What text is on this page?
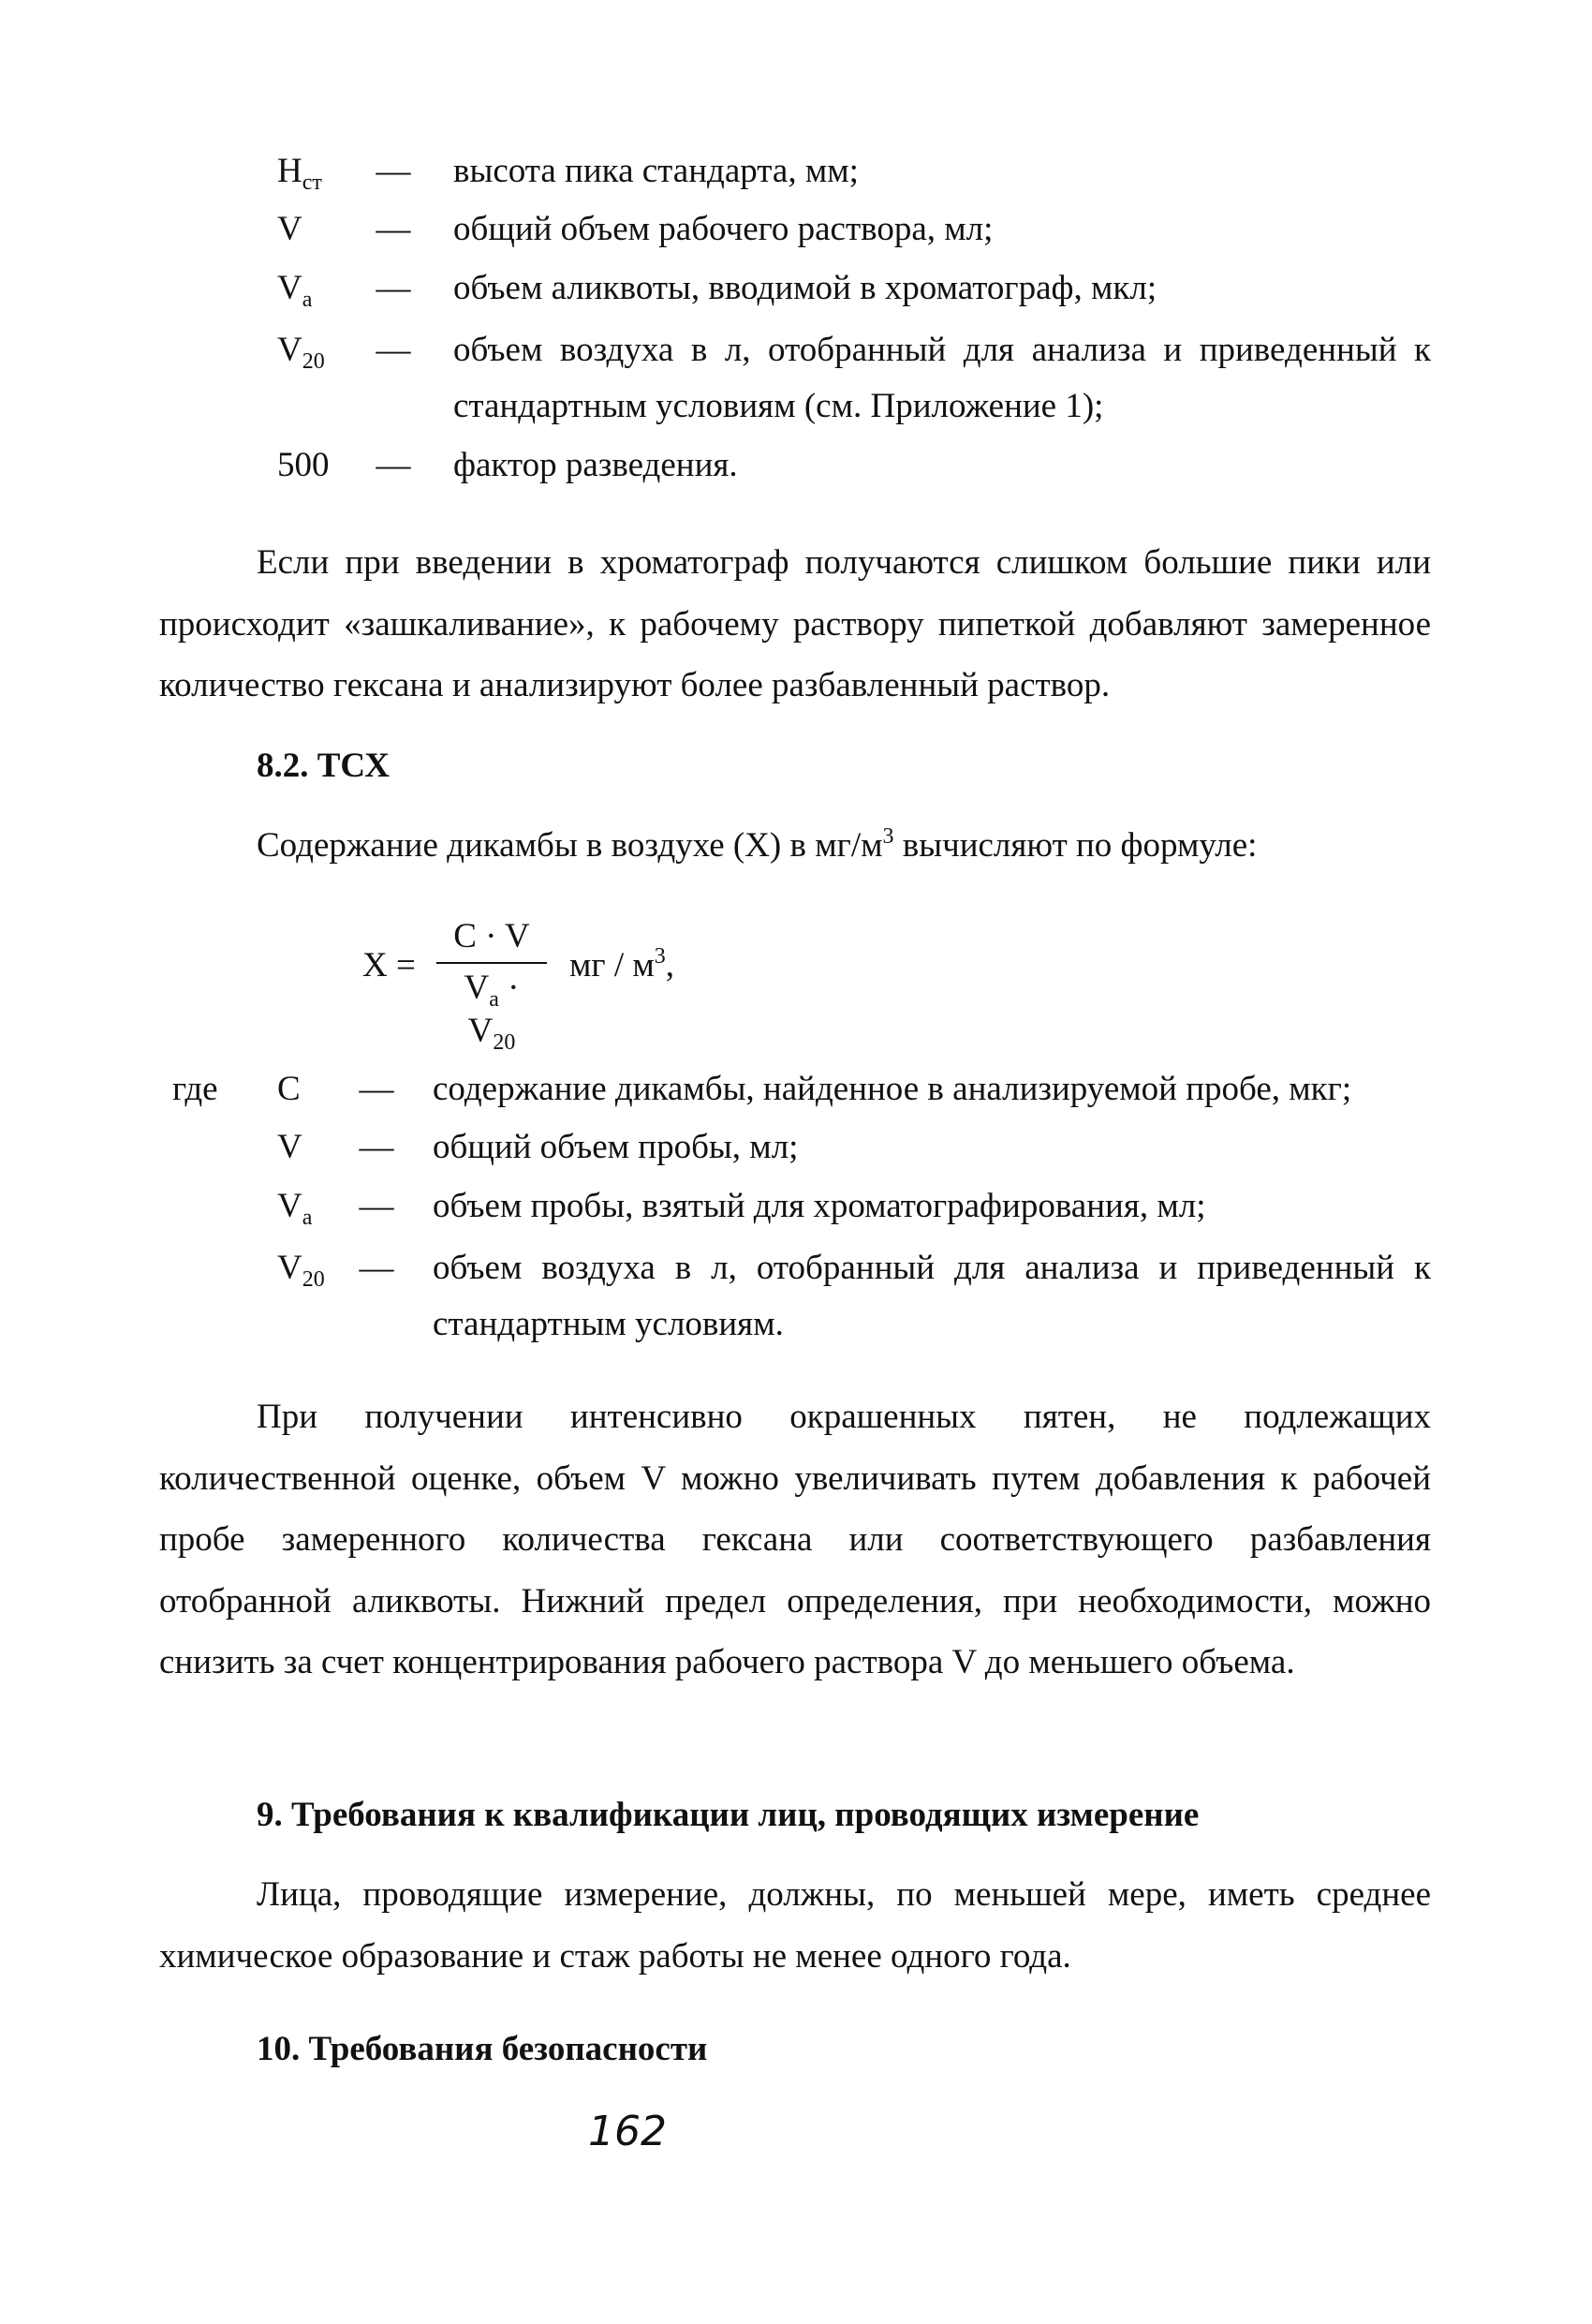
$H_{ст}$ — высота пика стандарта, мм;
V — общий объем рабочего раствора, мл;
$V_а$ — объем аликвоты, вводимой в хроматограф, мкл;
$V_{20}$ — объем воздуха в л, отобранный для анализа и приведенный к
стандартным условиям (см. Приложение 1);
500 — фактор разведения.
Если при введении в хроматограф получаются слишком большие пики или происходит «зашкаливание», к рабочему раствору пипеткой добавляют замеренное количество гексана и анализируют более разбавленный раствор.
8.2. ТСХ
Содержание дикамбы в воздухе (X) в $мг/м^3$ вычисляют по формуле:
X =
C · V
$V_а \cdot V_{20}$
мг / $м^3$,
где C — содержание дикамбы, найденное в анализируемой пробе, мкг;
V — общий объем пробы, мл;
$V_а$ — объем пробы, взятый для хроматографирования, мл;
$V_{20}$ — объем воздуха в л, отобранный для анализа и приведенный к
стандартным условиям.
При получении интенсивно окрашенных пятен, не подлежащих количественной оценке, объем V можно увеличивать путем добавления к рабочей пробе замеренного количества гексана или соответствующего разбавления отобранной аликвоты. Нижний предел определения, при необходимости, можно снизить за счет концентрирования рабочего раствора V до меньшего объема.
9. Требования к квалификации лиц, проводящих измерение
Лица, проводящие измерение, должны, по меньшей мере, иметь среднее химическое образование и стаж работы не менее одного года.
10. Требования безопасности
162
